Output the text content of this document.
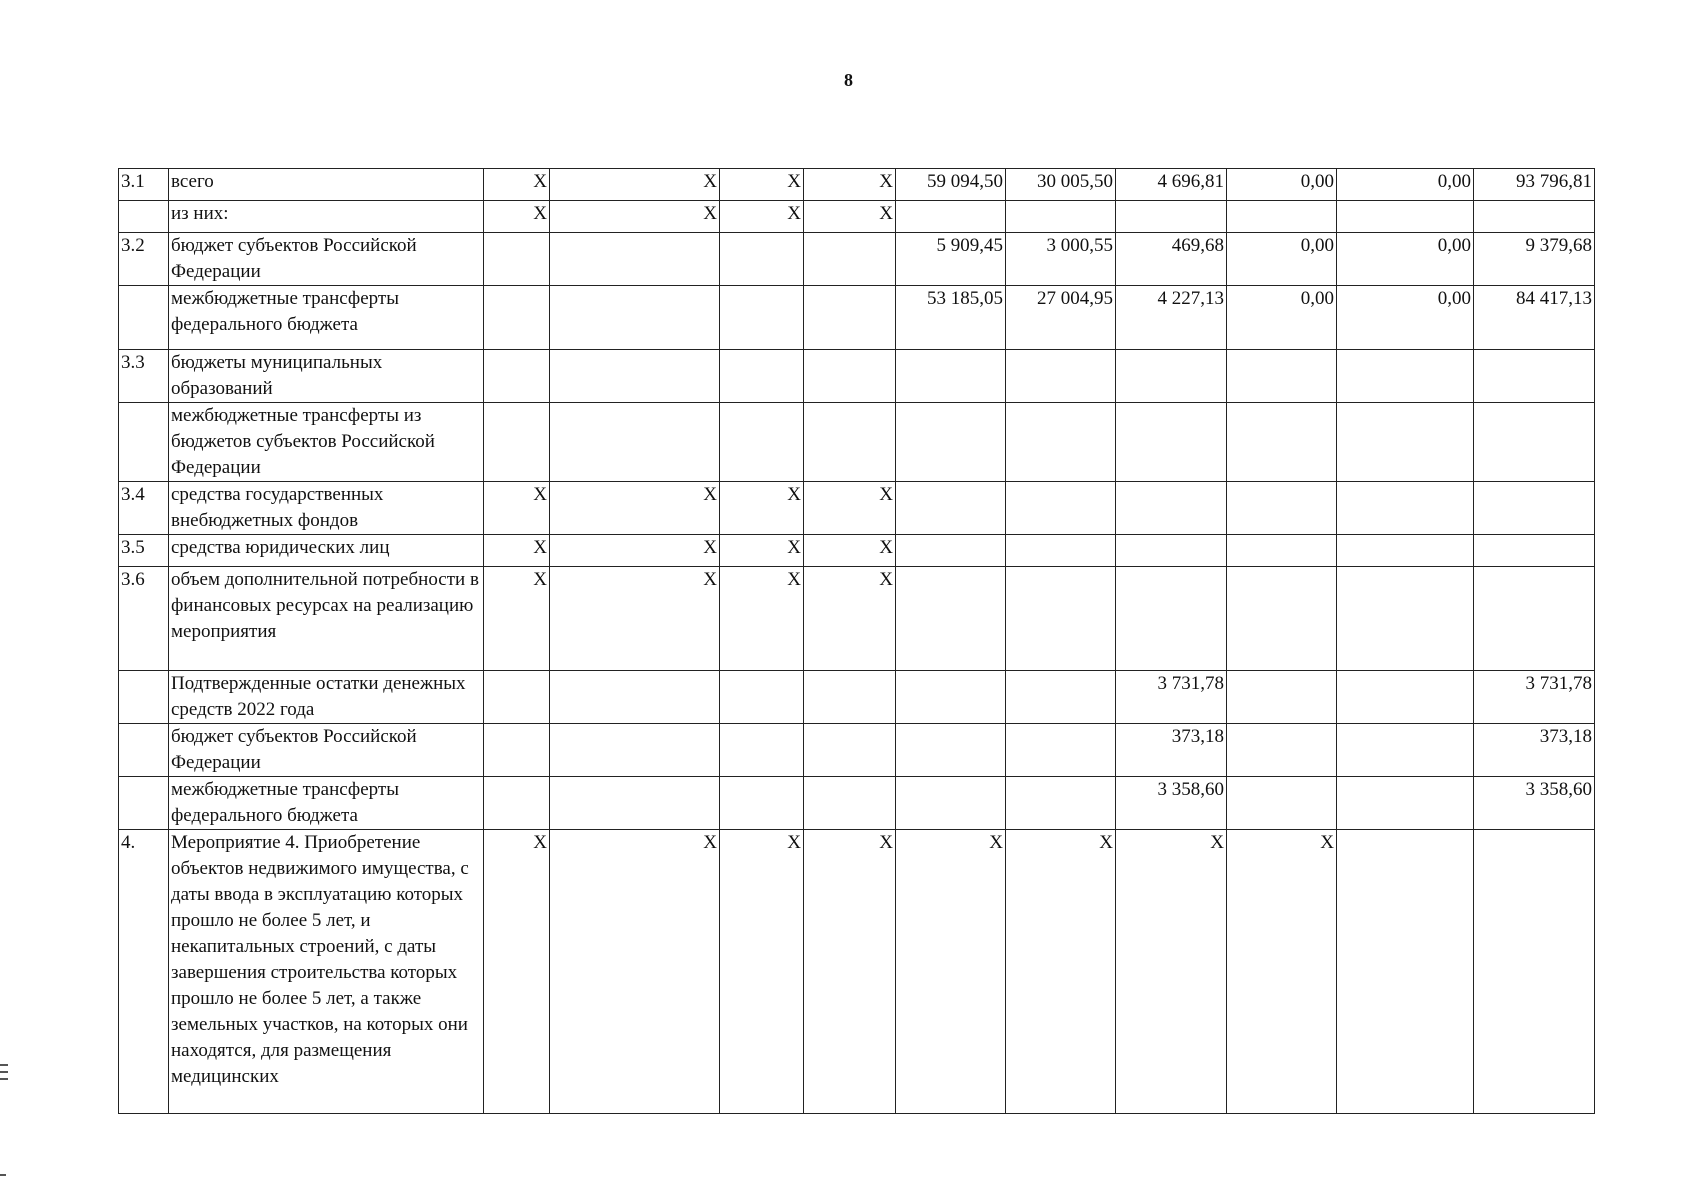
8
3.1	всего	X	X	X	X	59 094,50	30 005,50	4 696,81	0,00	0,00	93 796,81
	из них:	X	X	X	X						
3.2	бюджет субъектов Российской Федерации					5 909,45	3 000,55	469,68	0,00	0,00	9 379,68
	межбюджетные трансферты федерального бюджета					53 185,05	27 004,95	4 227,13	0,00	0,00	84 417,13
3.3	бюджеты муниципальных образований										
	межбюджетные трансферты из бюджетов субъектов Российской Федерации										
3.4	средства государственных внебюджетных фондов	X	X	X	X						
3.5	средства юридических лиц	X	X	X	X						
3.6	объем дополнительной потребности в финансовых ресурсах на реализацию мероприятия	X	X	X	X						
	Подтвержденные остатки денежных средств 2022 года							3 731,78			3 731,78
	бюджет субъектов Российской Федерации							373,18			373,18
	межбюджетные трансферты федерального бюджета							3 358,60			3 358,60
4.	Мероприятие 4. Приобретение объектов недвижимого имущества, с даты ввода в эксплуатацию которых прошло не более 5 лет, и некапитальных строений, с даты завершения строительства которых прошло не более 5 лет, а также земельных участков, на которых они находятся, для размещения медицинских	X	X	X	X	X	X	X	X		
